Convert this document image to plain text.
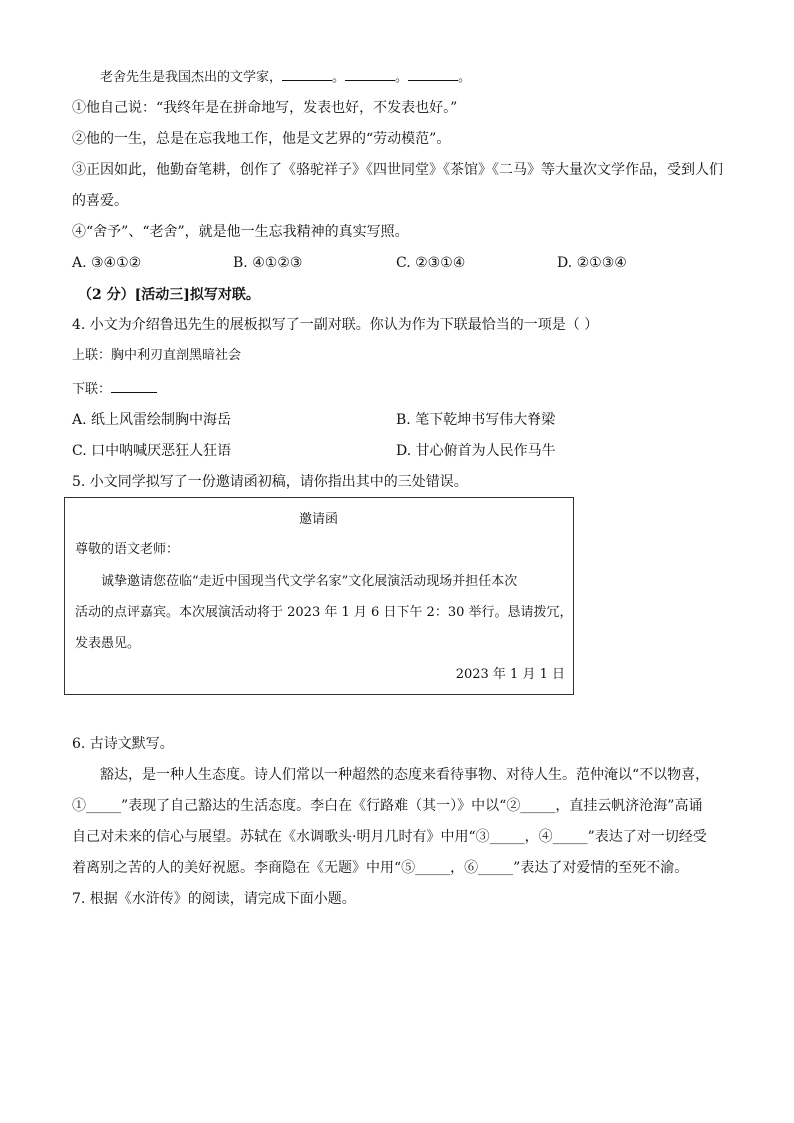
老舍先生是我国杰出的文学家，	。	。	。
①他自己说：“我终年是在拼命地写，发表也好，不发表也好。”
②他的一生，总是在忘我地工作，他是文艺界的“劳动模范”。
③正因如此，他勤奋笔耕，创作了《骆驼祥子》《四世同堂》《茶馆》《二马》等大量次文学作品，受到人们
的喜爱。
④“舍予”、“老舍”，就是他一生忘我精神的真实写照。
A. ③④①②	B. ④①②③	C. ②③①④	D. ②①③④
（2 分）[活动三]拟写对联。
4. 小文为介绍鲁迅先生的展板拟写了一副对联。你认为作为下联最恰当的一项是（ ）
上联：胸中利刃直剖黑暗社会
下联：
A. 纸上风雷绘制胸中海岳	B. 笔下乾坤书写伟大脊梁
C. 口中呐喊厌恶狂人狂语	D. 甘心俯首为人民作马牛
5. 小文同学拟写了一份邀请函初稿，请你指出其中的三处错误。
邀请函
尊敬的语文老师：
诚挚邀请您莅临“走近中国现当代文学名家”文化展演活动现场并担任本次
活动的点评嘉宾。本次展演活动将于 2023 年 1 月 6 日下午 2：30 举行。恳请拨冗，
发表愚见。
2023 年 1 月 1 日
6. 古诗文默写。
豁达，是一种人生态度。诗人们常以一种超然的态度来看待事物、对待人生。范仲淹以“不以物喜，
①_____”表现了自己豁达的生活态度。李白在《行路难（其一）》中以“②_____，直挂云帆济沧海”高诵
自己对未来的信心与展望。苏轼在《水调歌头·明月几时有》中用“③_____，④_____”表达了对一切经受
着离别之苦的人的美好祝愿。李商隐在《无题》中用“⑤_____，⑥_____”表达了对爱情的至死不渝。
7. 根据《水浒传》的阅读，请完成下面小题。
